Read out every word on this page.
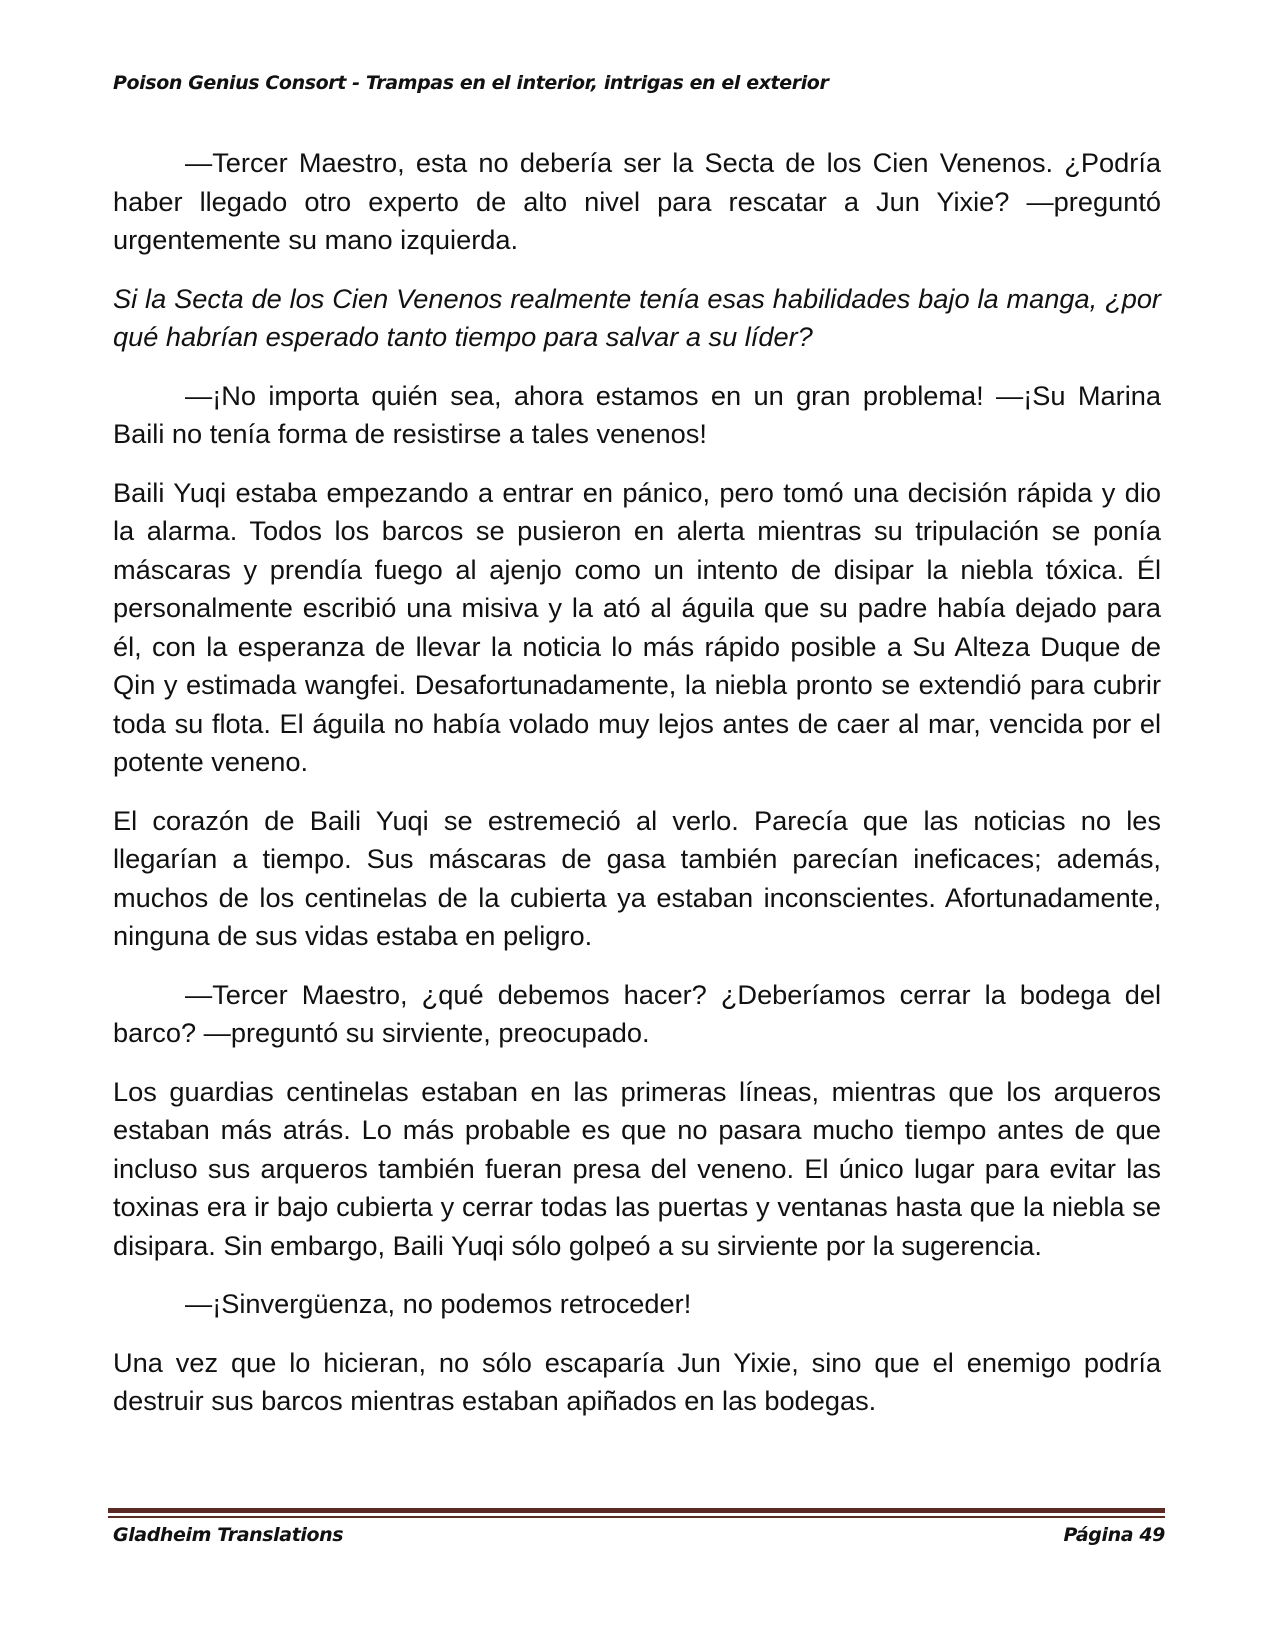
Poison Genius Consort - Trampas en el interior, intrigas en el exterior

—Tercer Maestro, esta no debería ser la Secta de los Cien Venenos. ¿Podría haber llegado otro experto de alto nivel para rescatar a Jun Yixie? —preguntó urgentemente su mano izquierda.

Si la Secta de los Cien Venenos realmente tenía esas habilidades bajo la manga, ¿por qué habrían esperado tanto tiempo para salvar a su líder?

—¡No importa quién sea, ahora estamos en un gran problema! —¡Su Marina Baili no tenía forma de resistirse a tales venenos!

Baili Yuqi estaba empezando a entrar en pánico, pero tomó una decisión rápida y dio la alarma. Todos los barcos se pusieron en alerta mientras su tripulación se ponía máscaras y prendía fuego al ajenjo como un intento de disipar la niebla tóxica. Él personalmente escribió una misiva y la ató al águila que su padre había dejado para él, con la esperanza de llevar la noticia lo más rápido posible a Su Alteza Duque de Qin y estimada wangfei. Desafortunadamente, la niebla pronto se extendió para cubrir toda su flota. El águila no había volado muy lejos antes de caer al mar, vencida por el potente veneno.

El corazón de Baili Yuqi se estremeció al verlo. Parecía que las noticias no les llegarían a tiempo. Sus máscaras de gasa también parecían ineficaces; además, muchos de los centinelas de la cubierta ya estaban inconscientes. Afortunadamente, ninguna de sus vidas estaba en peligro.

—Tercer Maestro, ¿qué debemos hacer? ¿Deberíamos cerrar la bodega del barco? —preguntó su sirviente, preocupado.

Los guardias centinelas estaban en las primeras líneas, mientras que los arqueros estaban más atrás. Lo más probable es que no pasara mucho tiempo antes de que incluso sus arqueros también fueran presa del veneno. El único lugar para evitar las toxinas era ir bajo cubierta y cerrar todas las puertas y ventanas hasta que la niebla se disipara. Sin embargo, Baili Yuqi sólo golpeó a su sirviente por la sugerencia.

—¡Sinvergüenza, no podemos retroceder!

Una vez que lo hicieran, no sólo escaparía Jun Yixie, sino que el enemigo podría destruir sus barcos mientras estaban apiñados en las bodegas.

Gladheim Translations	Página 49
